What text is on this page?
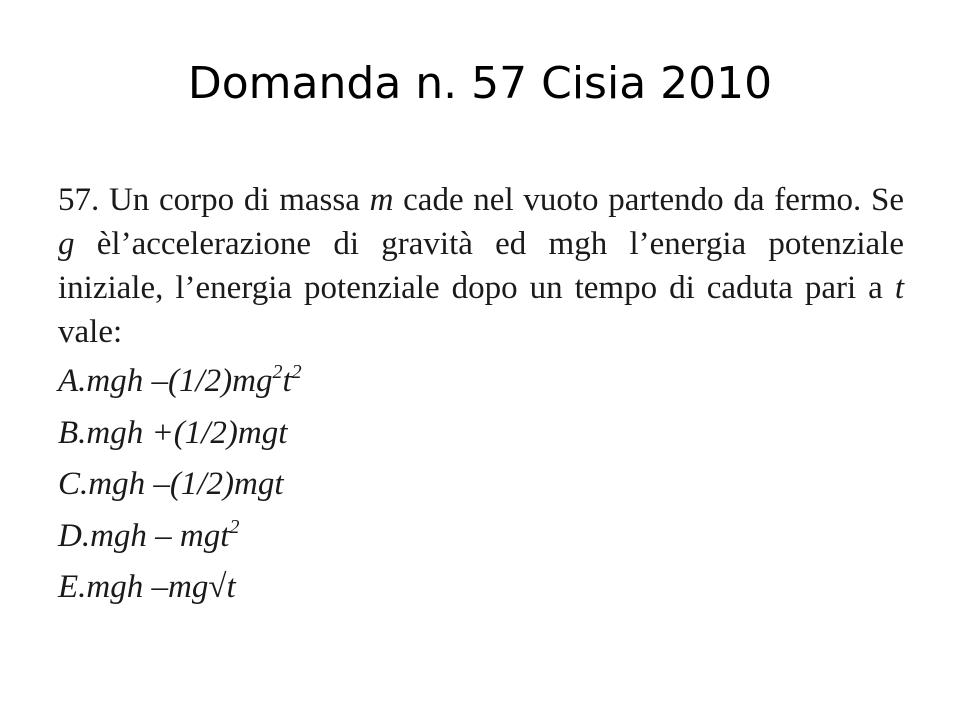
Domanda n. 57 Cisia 2010

57. Un corpo di massa m cade nel vuoto partendo da fermo. Se g èl’accelerazione di gravità ed mgh l’energia potenziale iniziale, l’energia potenziale dopo un tempo di caduta pari a t vale:

A.mgh $-(1/2)mg^2t^2$
B.mgh +(1/2)mgt
C.mgh –(1/2)mgt
D.mgh – mgt$^2$
E.mgh –mg√t
